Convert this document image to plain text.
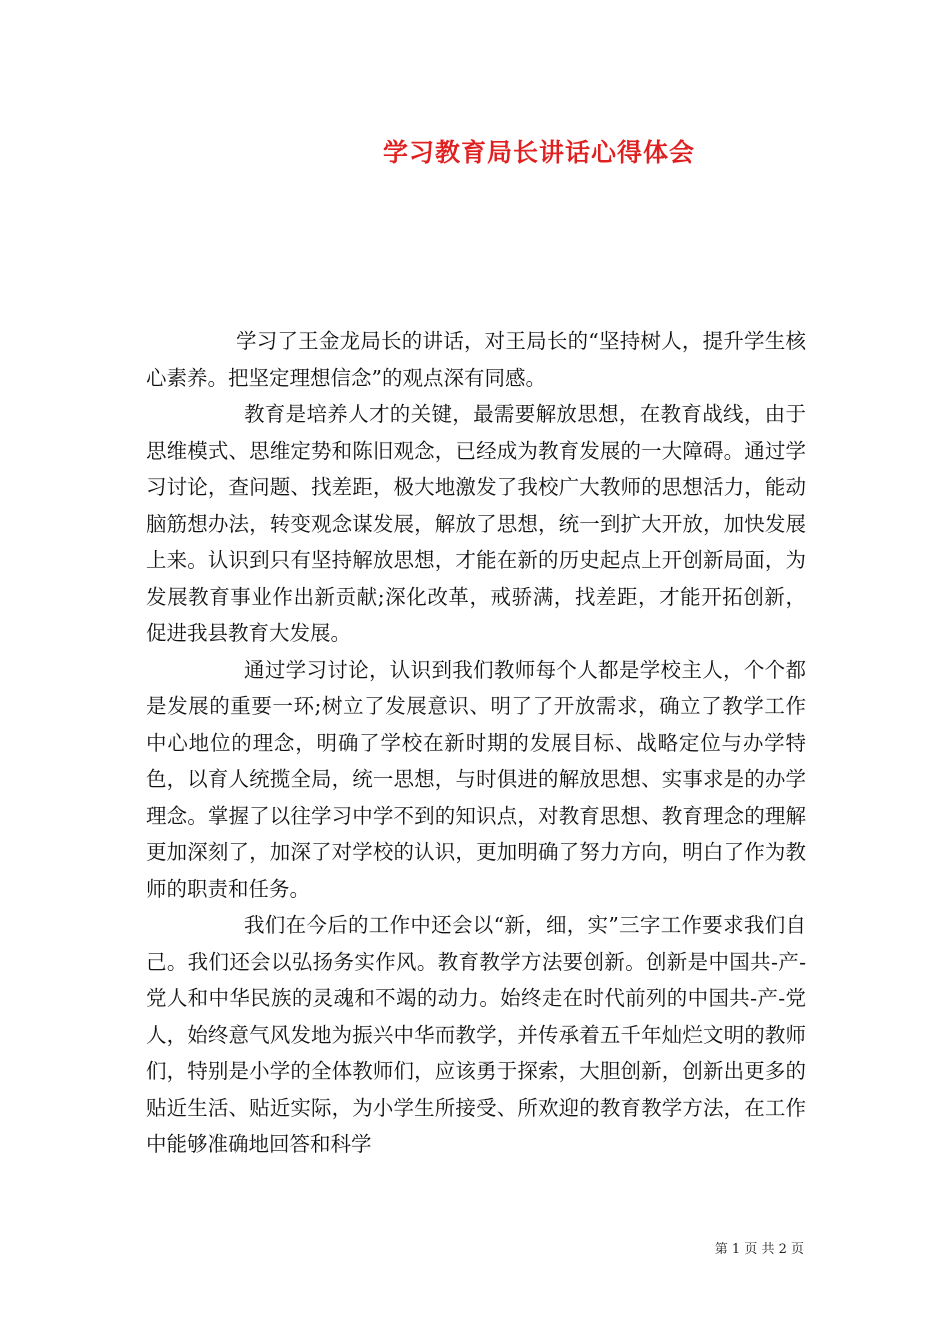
学习教育局长讲话心得体会

学习了王金龙局长的讲话，对王局长的“坚持树人，提升学生核心素养。把坚定理想信念”的观点深有同感。

教育是培养人才的关键，最需要解放思想，在教育战线，由于思维模式、思维定势和陈旧观念，已经成为教育发展的一大障碍。通过学习讨论，查问题、找差距，极大地激发了我校广大教师的思想活力，能动脑筋想办法，转变观念谋发展，解放了思想，统一到扩大开放，加快发展上来。认识到只有坚持解放思想，才能在新的历史起点上开创新局面，为发展教育事业作出新贡献;深化改革，戒骄满，找差距，才能开拓创新，促进我县教育大发展。

通过学习讨论，认识到我们教师每个人都是学校主人，个个都是发展的重要一环;树立了发展意识、明了了开放需求，确立了教学工作中心地位的理念，明确了学校在新时期的发展目标、战略定位与办学特色，以育人统揽全局，统一思想，与时俱进的解放思想、实事求是的办学理念。掌握了以往学习中学不到的知识点，对教育思想、教育理念的理解更加深刻了，加深了对学校的认识，更加明确了努力方向，明白了作为教师的职责和任务。

我们在今后的工作中还会以“新，细，实”三字工作要求我们自己。我们还会以弘扬务实作风。教育教学方法要创新。创新是中国共-产-党人和中华民族的灵魂和不竭的动力。始终走在时代前列的中国共-产-党人，始终意气风发地为振兴中华而教学，并传承着五千年灿烂文明的教师们，特别是小学的全体教师们，应该勇于探索，大胆创新，创新出更多的贴近生活、贴近实际，为小学生所接受、所欢迎的教育教学方法，在工作中能够准确地回答和科学

第 1 页 共 2 页
